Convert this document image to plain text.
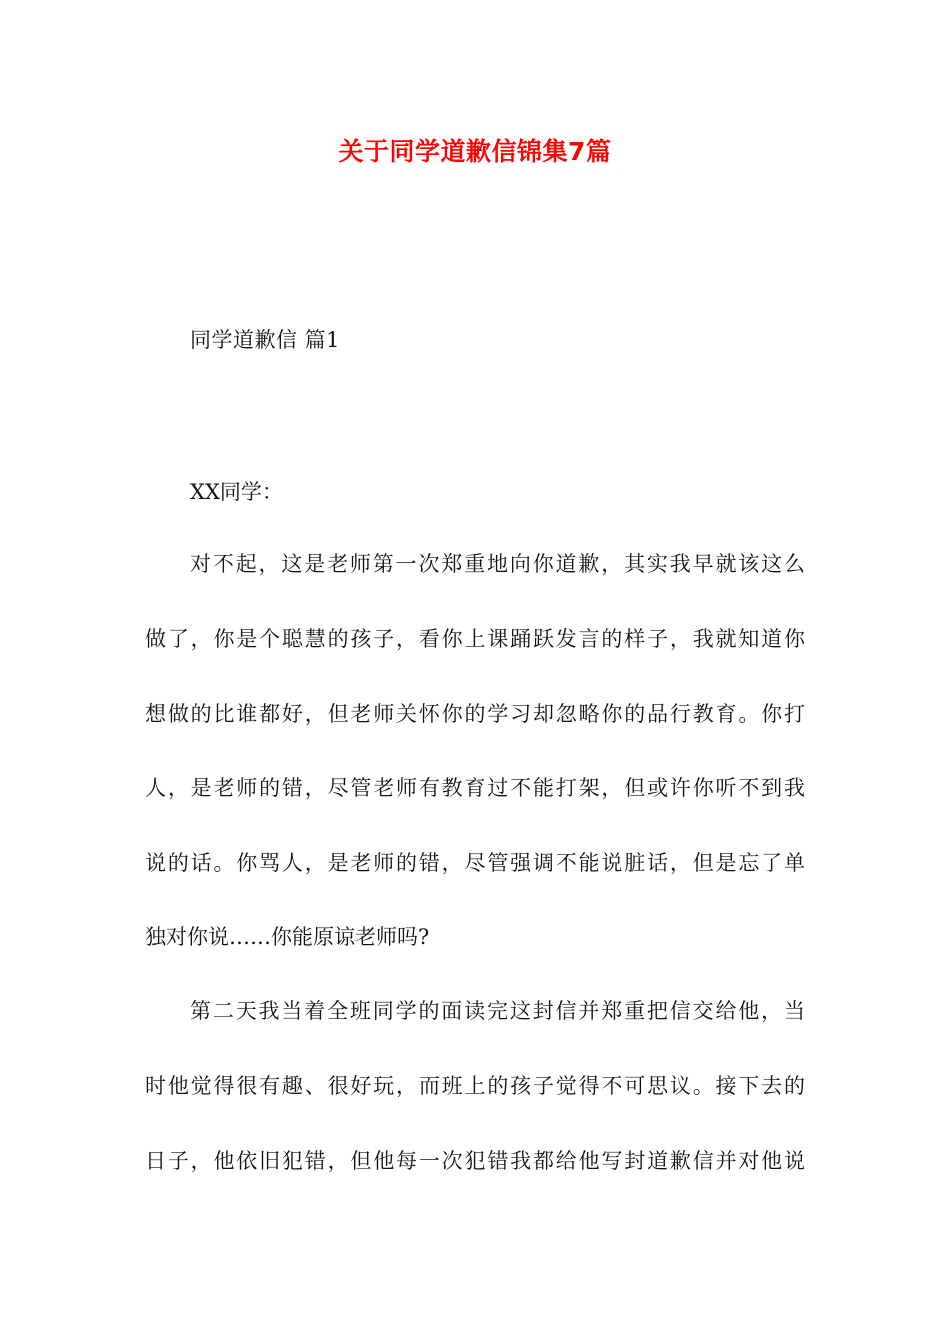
关于同学道歉信锦集7篇
同学道歉信 篇1
XX同学：
对不起，这是老师第一次郑重地向你道歉，其实我早就该这么
做了，你是个聪慧的孩子，看你上课踊跃发言的样子，我就知道你
想做的比谁都好，但老师关怀你的学习却忽略你的品行教育。你打
人，是老师的错，尽管老师有教育过不能打架，但或许你听不到我
说的话。你骂人，是老师的错，尽管强调不能说脏话，但是忘了单
独对你说……你能原谅老师吗?
第二天我当着全班同学的面读完这封信并郑重把信交给他，当
时他觉得很有趣、很好玩，而班上的孩子觉得不可思议。接下去的
日子，他依旧犯错，但他每一次犯错我都给他写封道歉信并对他说
